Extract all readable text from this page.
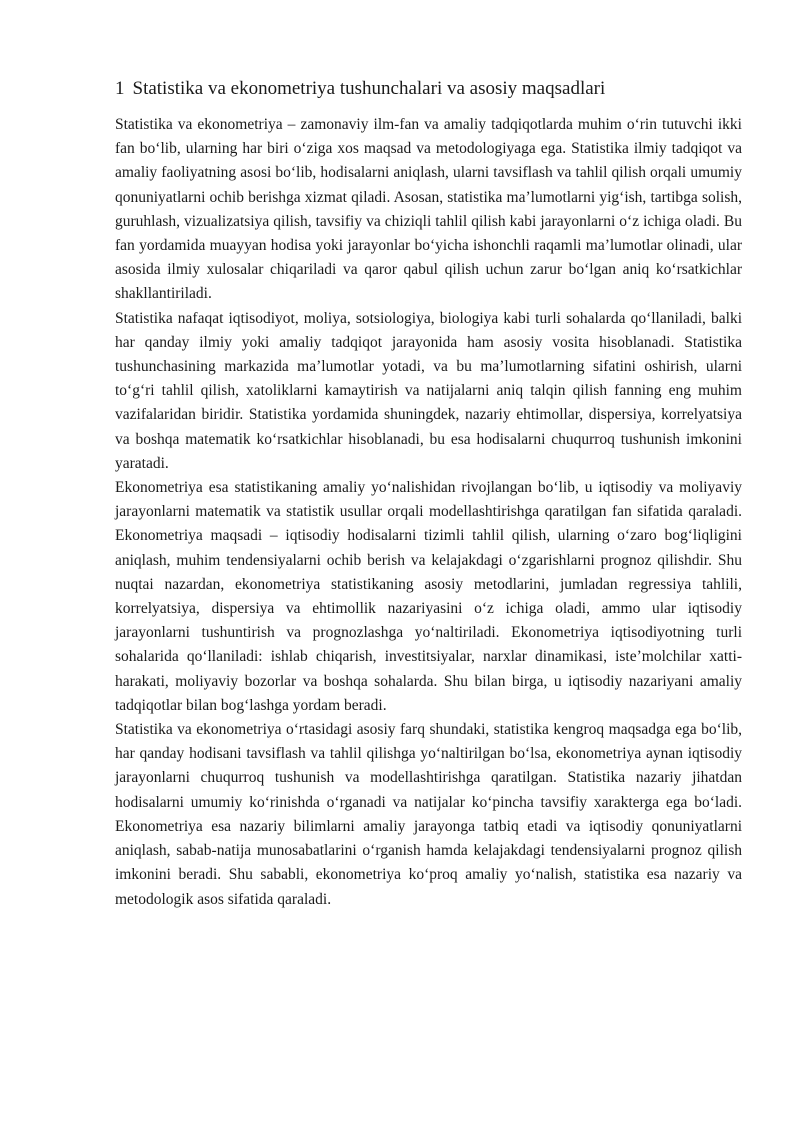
1 Statistika va ekonometriya tushunchalari va asosiy maqsadlari

Statistika va ekonometriya – zamonaviy ilm-fan va amaliy tadqiqotlarda muhim o‘rin tutuvchi ikki fan bo‘lib, ularning har biri o‘ziga xos maqsad va metodologiyaga ega. Statistika ilmiy tadqiqot va amaliy faoliyatning asosi bo‘lib, hodisalarni aniqlash, ularni tavsiflash va tahlil qilish orqali umumiy qonuniyatlarni ochib berishga xizmat qiladi. Asosan, statistika ma’lumotlarni yig‘ish, tartibga solish, guruhlash, vizualizatsiya qilish, tavsifiy va chiziqli tahlil qilish kabi jarayonlarni o‘z ichiga oladi. Bu fan yordamida muayyan hodisa yoki jarayonlar bo‘yicha ishonchli raqamli ma’lumotlar olinadi, ular asosida ilmiy xulosalar chiqariladi va qaror qabul qilish uchun zarur bo‘lgan aniq ko‘rsatkichlar shakllantiriladi.

Statistika nafaqat iqtisodiyot, moliya, sotsiologiya, biologiya kabi turli sohalarda qo‘llaniladi, balki har qanday ilmiy yoki amaliy tadqiqot jarayonida ham asosiy vosita hisoblanadi. Statistika tushunchasining markazida ma’lumotlar yotadi, va bu ma’lumotlarning sifatini oshirish, ularni to‘g‘ri tahlil qilish, xatoliklarni kamaytirish va natijalarni aniq talqin qilish fanning eng muhim vazifalaridan biridir. Statistika yordamida shuningdek, nazariy ehtimollar, dispersiya, korrelyatsiya va boshqa matematik ko‘rsatkichlar hisoblanadi, bu esa hodisalarni chuqurroq tushunish imkonini yaratadi.

Ekonometriya esa statistikaning amaliy yo‘nalishidan rivojlangan bo‘lib, u iqtisodiy va moliyaviy jarayonlarni matematik va statistik usullar orqali modellashtirishga qaratilgan fan sifatida qaraladi. Ekonometriya maqsadi – iqtisodiy hodisalarni tizimli tahlil qilish, ularning o‘zaro bog‘liqligini aniqlash, muhim tendensiyalarni ochib berish va kelajakdagi o‘zgarishlarni prognoz qilishdir. Shu nuqtai nazardan, ekonometriya statistikaning asosiy metodlarini, jumladan regressiya tahlili, korrelyatsiya, dispersiya va ehtimollik nazariyasini o‘z ichiga oladi, ammo ular iqtisodiy jarayonlarni tushuntirish va prognozlashga yo‘naltiriladi. Ekonometriya iqtisodiyotning turli sohalarida qo‘llaniladi: ishlab chiqarish, investitsiyalar, narxlar dinamikasi, iste’molchilar xatti-harakati, moliyaviy bozorlar va boshqa sohalarda. Shu bilan birga, u iqtisodiy nazariyani amaliy tadqiqotlar bilan bog‘lashga yordam beradi.

Statistika va ekonometriya o‘rtasidagi asosiy farq shundaki, statistika kengroq maqsadga ega bo‘lib, har qanday hodisani tavsiflash va tahlil qilishga yo‘naltirilgan bo‘lsa, ekonometriya aynan iqtisodiy jarayonlarni chuqurroq tushunish va modellashtirishga qaratilgan. Statistika nazariy jihatdan hodisalarni umumiy ko‘rinishda o‘rganadi va natijalar ko‘pincha tavsifiy xarakterga ega bo‘ladi. Ekonometriya esa nazariy bilimlarni amaliy jarayonga tatbiq etadi va iqtisodiy qonuniyatlarni aniqlash, sabab-natija munosabatlarini o‘rganish hamda kelajakdagi tendensiyalarni prognoz qilish imkonini beradi. Shu sababli, ekonometriya ko‘proq amaliy yo‘nalish, statistika esa nazariy va metodologik asos sifatida qaraladi.
